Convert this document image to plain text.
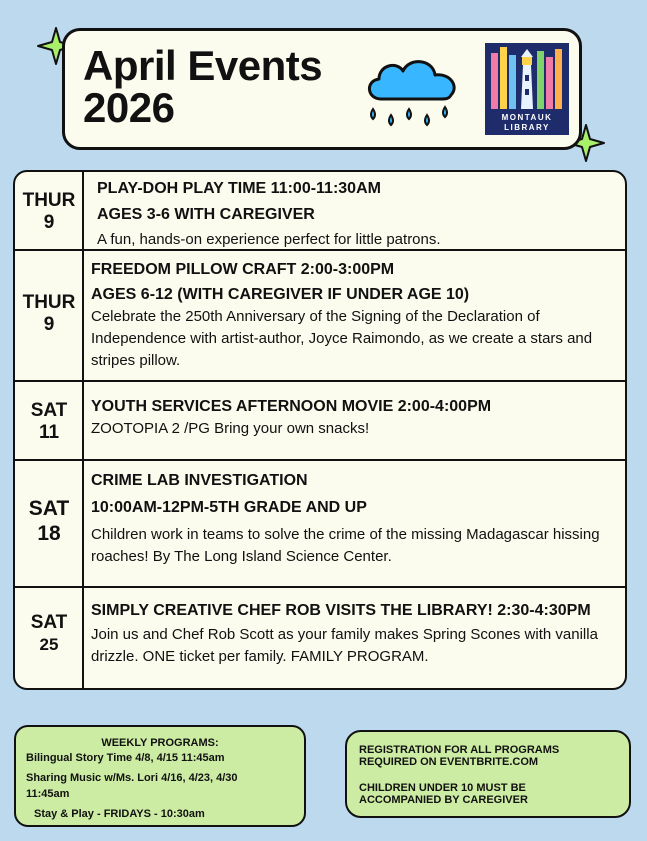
April Events
2026	MONTAUK
LIBRARY
THUR
9
PLAY-DOH PLAY TIME 11:00-11:30AM
AGES 3-6 WITH CAREGIVER
A fun, hands-on experience perfect for little patrons.
THUR
9
FREEDOM PILLOW CRAFT 2:00-3:00PM
AGES 6-12 (WITH CAREGIVER IF UNDER AGE 10)
Celebrate the 250th Anniversary of the Signing of the Declaration of Independence with artist-author, Joyce Raimondo, as we create a stars and stripes pillow.
SAT
11
YOUTH SERVICES AFTERNOON MOVIE 2:00-4:00PM
ZOOTOPIA 2 /PG Bring your own snacks!
SAT
18
CRIME LAB INVESTIGATION
10:00AM-12PM-5TH GRADE AND UP
Children work in teams to solve the crime of the missing Madagascar hissing roaches! By The Long Island Science Center.
SAT
25
SIMPLY CREATIVE CHEF ROB VISITS THE LIBRARY! 2:30-4:30PM
Join us and Chef Rob Scott as your family makes Spring Scones with vanilla drizzle. ONE ticket per family. FAMILY PROGRAM.
WEEKLY PROGRAMS:
Bilingual Story Time 4/8, 4/15 11:45am
Sharing Music w/Ms. Lori 4/16, 4/23, 4/30
11:45am
Stay & Play - FRIDAYS - 10:30am
REGISTRATION FOR ALL PROGRAMS
REQUIRED ON EVENTBRITE.COM
CHILDREN UNDER 10 MUST BE
ACCOMPANIED BY CAREGIVER
